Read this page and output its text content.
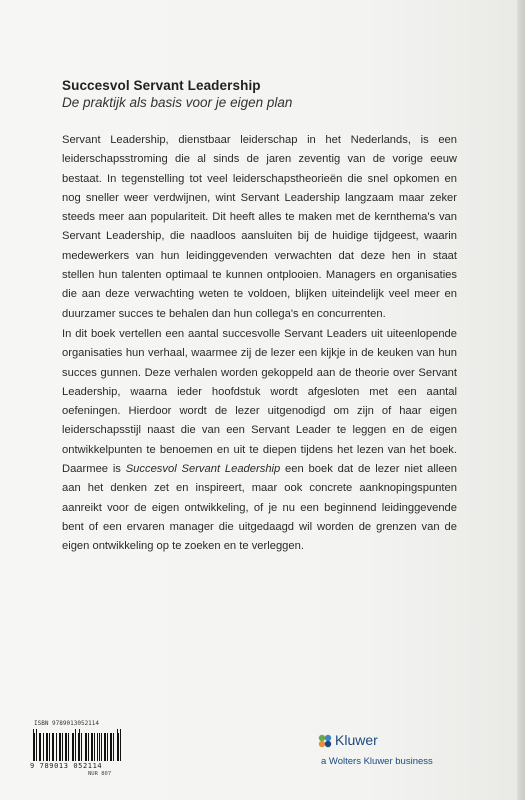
Succesvol Servant Leadership
De praktijk als basis voor je eigen plan
Servant Leadership, dienstbaar leiderschap in het Nederlands, is een leiderschapsstroming die al sinds de jaren zeventig van de vorige eeuw bestaat. In tegenstelling tot veel leiderschapstheorieën die snel opkomen en nog sneller weer verdwijnen, wint Servant Leadership langzaam maar zeker steeds meer aan populariteit. Dit heeft alles te maken met de kernthema's van Servant Leadership, die naadloos aansluiten bij de huidige tijdgeest, waarin medewerkers van hun leidinggevenden verwachten dat deze hen in staat stellen hun talenten optimaal te kunnen ontplooien. Managers en organisaties die aan deze verwachting weten te voldoen, blijken uiteindelijk veel meer en duurzamer succes te behalen dan hun collega's en concurrenten.
In dit boek vertellen een aantal succesvolle Servant Leaders uit uiteenlopende organisaties hun verhaal, waarmee zij de lezer een kijkje in de keuken van hun succes gunnen. Deze verhalen worden gekoppeld aan de theorie over Servant Leadership, waarna ieder hoofdstuk wordt afgesloten met een aantal oefeningen. Hierdoor wordt de lezer uitgenodigd om zijn of haar eigen leiderschapsstijl naast die van een Servant Leader te leggen en de eigen ontwikkelpunten te benoemen en uit te diepen tijdens het lezen van het boek. Daarmee is Succesvol Servant Leadership een boek dat de lezer niet alleen aan het denken zet en inspireert, maar ook concrete aanknopingspunten aanreikt voor de eigen ontwikkeling, of je nu een beginnend leidinggevende bent of een ervaren manager die uitgedaagd wil worden de grenzen van de eigen ontwikkeling op te zoeken en te verleggen.
ISBN 9789013052114
9 789013 052114
NUR 807
Kluwer
a Wolters Kluwer business
